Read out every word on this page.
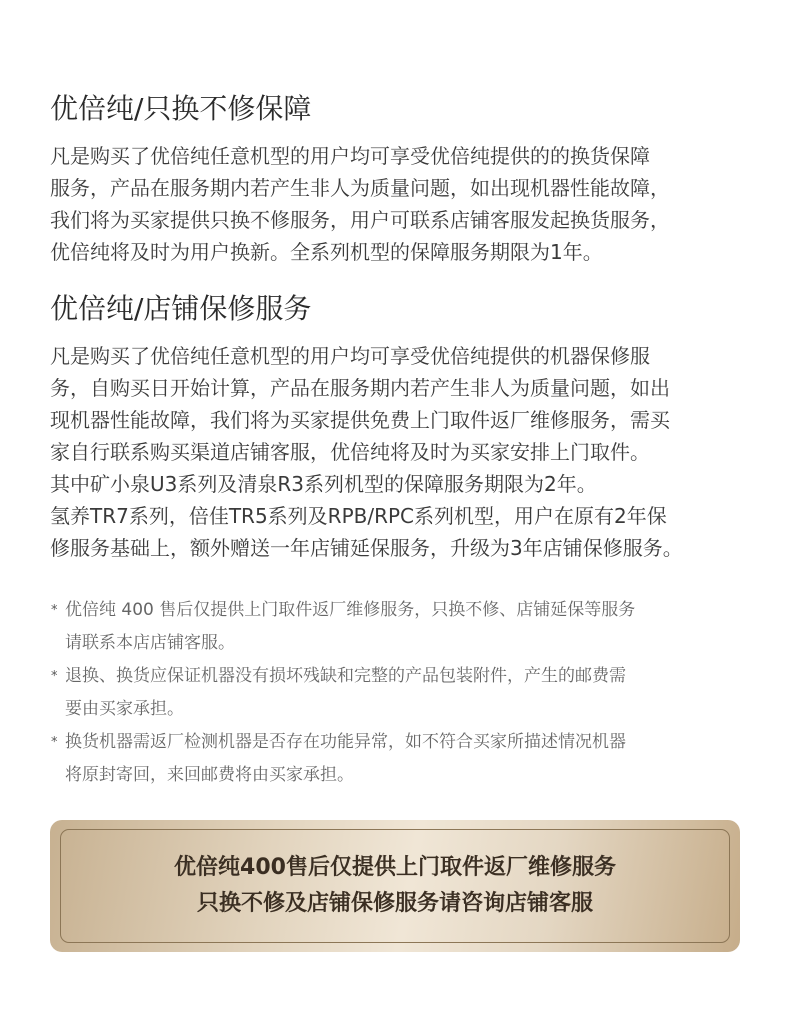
优倍纯/只换不修保障

凡是购买了优倍纯任意机型的用户均可享受优倍纯提供的的换货保障
服务，产品在服务期内若产生非人为质量问题，如出现机器性能故障，
我们将为买家提供只换不修服务，用户可联系店铺客服发起换货服务，
优倍纯将及时为用户换新。全系列机型的保障服务期限为1年。

优倍纯/店铺保修服务

凡是购买了优倍纯任意机型的用户均可享受优倍纯提供的机器保修服
务，自购买日开始计算，产品在服务期内若产生非人为质量问题，如出
现机器性能故障，我们将为买家提供免费上门取件返厂维修服务，需买
家自行联系购买渠道店铺客服，优倍纯将及时为买家安排上门取件。
其中矿小泉U3系列及清泉R3系列机型的保障服务期限为2年。
氢养TR7系列，倍佳TR5系列及RPB/RPC系列机型，用户在原有2年保
修服务基础上，额外赠送一年店铺延保服务，升级为3年店铺保修服务。

* 优倍纯 400 售后仅提供上门取件返厂维修服务，只换不修、店铺延保等服务
请联系本店店铺客服。
* 退换、换货应保证机器没有损坏残缺和完整的产品包装附件，产生的邮费需
要由买家承担。
* 换货机器需返厂检测机器是否存在功能异常，如不符合买家所描述情况机器
将原封寄回，来回邮费将由买家承担。
优倍纯400售后仅提供上门取件返厂维修服务
只换不修及店铺保修服务请咨询店铺客服
